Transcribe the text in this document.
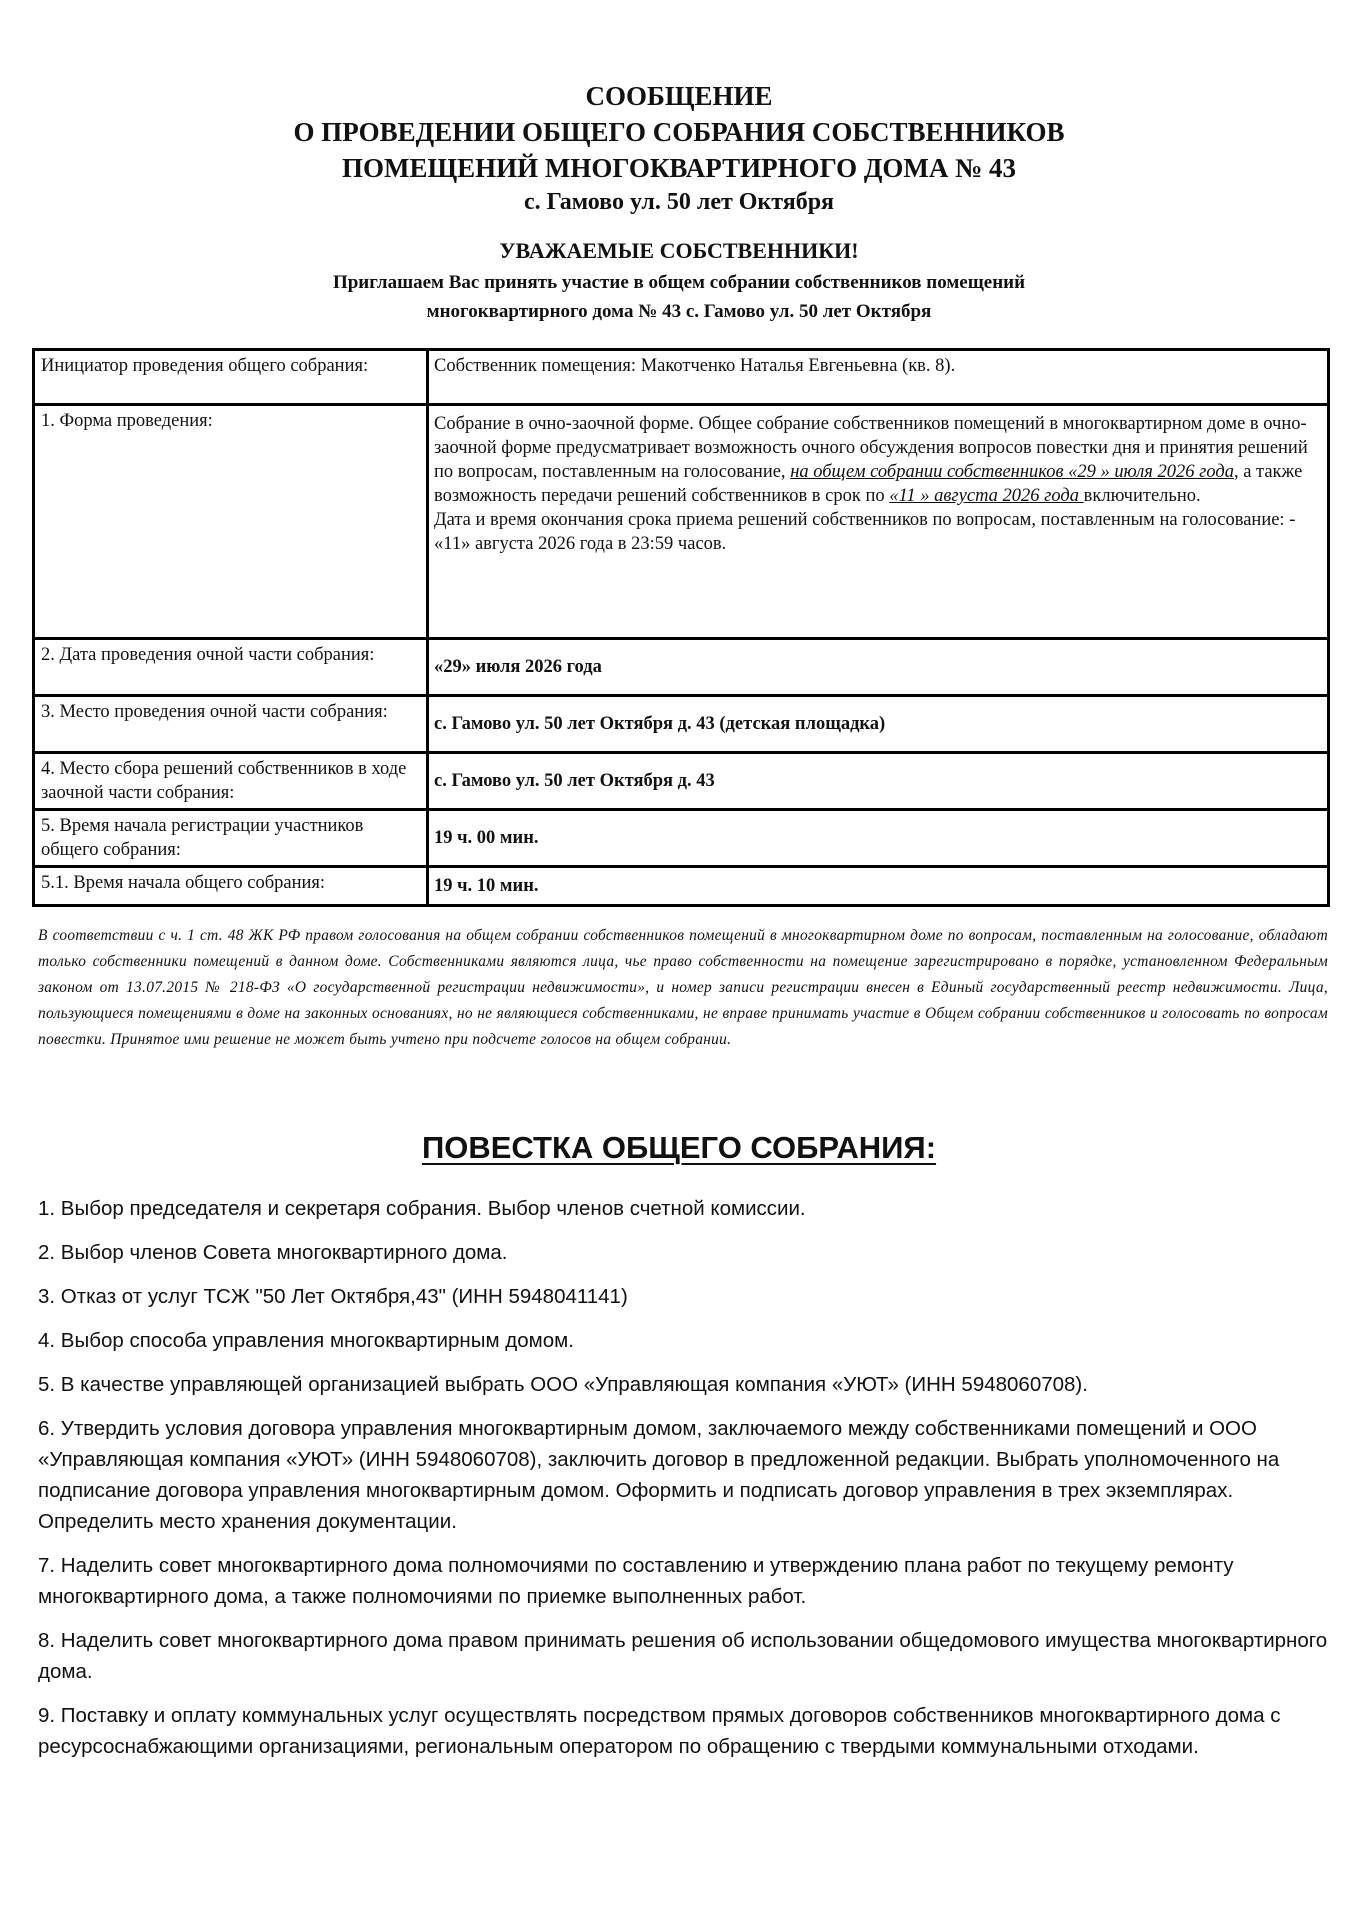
СООБЩЕНИЕ
О ПРОВЕДЕНИИ ОБЩЕГО СОБРАНИЯ СОБСТВЕННИКОВ
ПОМЕЩЕНИЙ МНОГОКВАРТИРНОГО ДОМА № 43
с. Гамово ул. 50 лет Октября
УВАЖАЕМЫЕ СОБСТВЕННИКИ!
Приглашаем Вас принять участие в общем собрании собственников помещений
многоквартирного дома № 43 с. Гамово ул. 50 лет Октября
Инициатор проведения общего собрания:	Собственник помещения: Макотченко Наталья Евгеньевна (кв. 8).
1. Форма проведения:	Собрание в очно-заочной форме. Общее собрание собственников помещений в многоквартирном доме в очно-заочной форме предусматривает возможность очного обсуждения вопросов повестки дня и принятия решений по вопросам, поставленным на голосование, на общем собрании собственников «29 » июля 2026 года, а также возможность передачи решений собственников в срок по «11 » августа 2026 года включительно.
Дата и время окончания срока приема решений собственников по вопросам, поставленным на голосование: - «11» августа 2026 года в 23:59 часов.
2. Дата проведения очной части собрания:	«29» июля 2026 года
3. Место проведения очной части собрания:	с. Гамово ул. 50 лет Октября д. 43 (детская площадка)
4. Место сбора решений собственников в ходе заочной части собрания:	с. Гамово ул. 50 лет Октября д. 43
5. Время начала регистрации участников общего собрания:	19 ч. 00 мин.
5.1. Время начала общего собрания:	19 ч. 10 мин.
В соответствии с ч. 1 ст. 48 ЖК РФ правом голосования на общем собрании собственников помещений в многоквартирном доме по вопросам, поставленным на голосование, обладают только собственники помещений в данном доме. Собственниками являются лица, чье право собственности на помещение зарегистрировано в порядке, установленном Федеральным законом от 13.07.2015 № 218-ФЗ «О государственной регистрации недвижимости», и номер записи регистрации внесен в Единый государственный реестр недвижимости. Лица, пользующиеся помещениями в доме на законных основаниях, но не являющиеся собственниками, не вправе принимать участие в Общем собрании собственников и голосовать по вопросам повестки. Принятое ими решение не может быть учтено при подсчете голосов на общем собрании.
ПОВЕСТКА ОБЩЕГО СОБРАНИЯ:
1. Выбор председателя и секретаря собрания. Выбор членов счетной комиссии.
2. Выбор членов Совета многоквартирного дома.
3. Отказ от услуг ТСЖ "50 Лет Октября,43" (ИНН 5948041141)
4. Выбор способа управления многоквартирным домом.
5. В качестве управляющей организацией выбрать ООО «Управляющая компания «УЮТ» (ИНН 5948060708).
6. Утвердить условия договора управления многоквартирным домом, заключаемого между собственниками помещений и ООО «Управляющая компания «УЮТ» (ИНН 5948060708), заключить договор в предложенной редакции. Выбрать уполномоченного на подписание договора управления многоквартирным домом. Оформить и подписать договор управления в трех экземплярах. Определить место хранения документации.
7. Наделить совет многоквартирного дома полномочиями по составлению и утверждению плана работ по текущему ремонту многоквартирного дома, а также полномочиями по приемке выполненных работ.
8. Наделить совет многоквартирного дома правом принимать решения об использовании общедомового имущества многоквартирного дома.
9. Поставку и оплату коммунальных услуг осуществлять посредством прямых договоров собственников многоквартирного дома с ресурсоснабжающими организациями, региональным оператором по обращению с твердыми коммунальными отходами.
